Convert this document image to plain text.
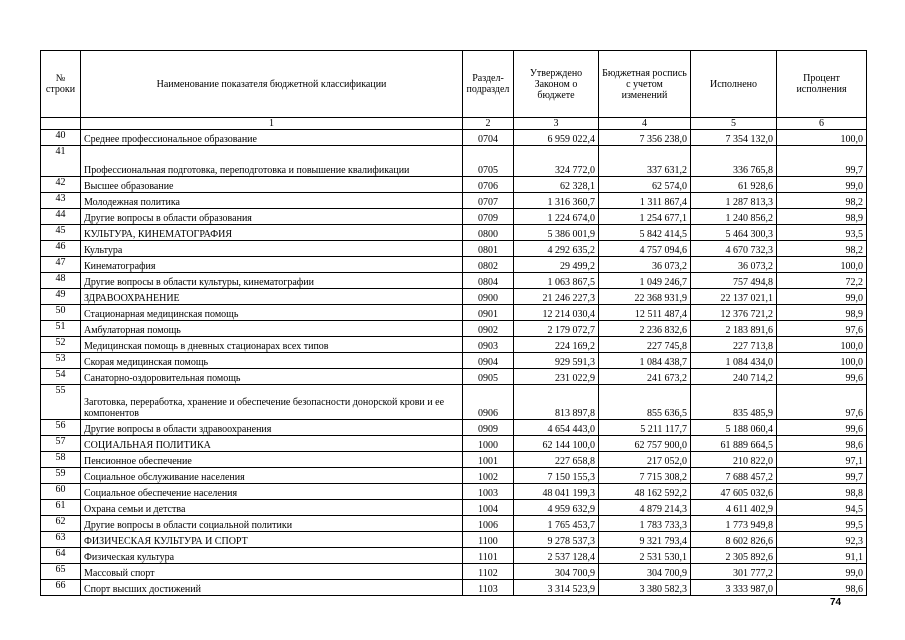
№ строки	Наименование показателя бюджетной классификации	Раздел-подраздел	Утверждено Законом о бюджете	Бюджетная роспись с учетом изменений	Исполнено	Процент исполнения
	1	2	3	4	5	6
40	Среднее профессиональное образование	0704	6 959 022,4	7 356 238,0	7 354 132,0	100,0
41	Профессиональная подготовка, переподготовка и повышение квалификации	0705	324 772,0	337 631,2	336 765,8	99,7
42	Высшее образование	0706	62 328,1	62 574,0	61 928,6	99,0
43	Молодежная политика	0707	1 316 360,7	1 311 867,4	1 287 813,3	98,2
44	Другие вопросы в области образования	0709	1 224 674,0	1 254 677,1	1 240 856,2	98,9
45	КУЛЬТУРА, КИНЕМАТОГРАФИЯ	0800	5 386 001,9	5 842 414,5	5 464 300,3	93,5
46	Культура	0801	4 292 635,2	4 757 094,6	4 670 732,3	98,2
47	Кинематография	0802	29 499,2	36 073,2	36 073,2	100,0
48	Другие вопросы в области культуры, кинематографии	0804	1 063 867,5	1 049 246,7	757 494,8	72,2
49	ЗДРАВООХРАНЕНИЕ	0900	21 246 227,3	22 368 931,9	22 137 021,1	99,0
50	Стационарная медицинская помощь	0901	12 214 030,4	12 511 487,4	12 376 721,2	98,9
51	Амбулаторная помощь	0902	2 179 072,7	2 236 832,6	2 183 891,6	97,6
52	Медицинская помощь в дневных стационарах всех типов	0903	224 169,2	227 745,8	227 713,8	100,0
53	Скорая медицинская помощь	0904	929 591,3	1 084 438,7	1 084 434,0	100,0
54	Санаторно-оздоровительная помощь	0905	231 022,9	241 673,2	240 714,2	99,6
55	Заготовка, переработка, хранение и обеспечение безопасности донорской крови и ее компонентов	0906	813 897,8	855 636,5	835 485,9	97,6
56	Другие вопросы в области здравоохранения	0909	4 654 443,0	5 211 117,7	5 188 060,4	99,6
57	СОЦИАЛЬНАЯ ПОЛИТИКА	1000	62 144 100,0	62 757 900,0	61 889 664,5	98,6
58	Пенсионное обеспечение	1001	227 658,8	217 052,0	210 822,0	97,1
59	Социальное обслуживание населения	1002	7 150 155,3	7 715 308,2	7 688 457,2	99,7
60	Социальное обеспечение населения	1003	48 041 199,3	48 162 592,2	47 605 032,6	98,8
61	Охрана семьи и детства	1004	4 959 632,9	4 879 214,3	4 611 402,9	94,5
62	Другие вопросы в области социальной политики	1006	1 765 453,7	1 783 733,3	1 773 949,8	99,5
63	ФИЗИЧЕСКАЯ КУЛЬТУРА И СПОРТ	1100	9 278 537,3	9 321 793,4	8 602 826,6	92,3
64	Физическая культура	1101	2 537 128,4	2 531 530,1	2 305 892,6	91,1
65	Массовый спорт	1102	304 700,9	304 700,9	301 777,2	99,0
66	Спорт высших достижений	1103	3 314 523,9	3 380 582,3	3 333 987,0	98,6
74
